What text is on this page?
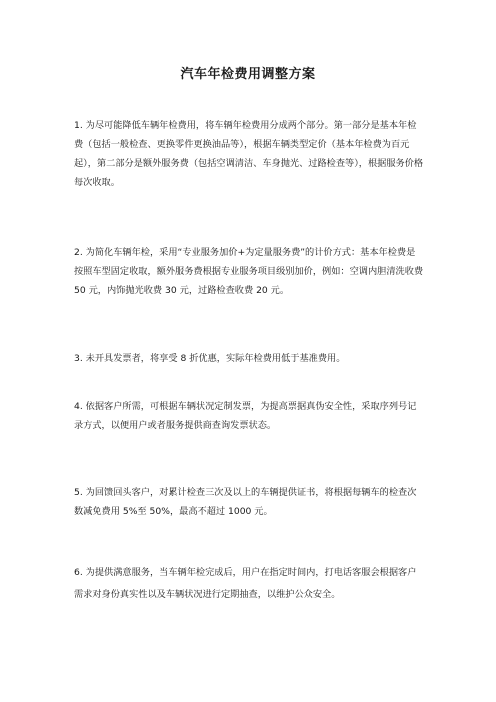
汽车年检费用调整方案

1. 为尽可能降低车辆年检费用，将车辆年检费用分成两个部分。第一部分是基本年检费（包括一般检查、更换零件更换油品等），根据车辆类型定价（基本年检费为百元起），第二部分是额外服务费（包括空调清洁、车身抛光、过路检查等），根据服务价格每次收取。

2. 为简化车辆年检，采用“专业服务加价+为定量服务费”的计价方式：基本年检费是按照车型固定收取，额外服务费根据专业服务项目级别加价，例如：空调内胆清洗收费 50 元，内饰抛光收费 30 元，过路检查收费 20 元。

3. 未开具发票者，将享受 8 折优惠，实际年检费用低于基准费用。

4. 依据客户所需，可根据车辆状况定制发票，为提高票据真伪安全性，采取序列号记录方式，以便用户或者服务提供商查询发票状态。

5. 为回馈回头客户，对累计检查三次及以上的车辆提供证书，将根据每辆车的检查次数减免费用 5%至 50%，最高不超过 1000 元。

6. 为提供满意服务，当车辆年检完成后，用户在指定时间内，打电话客服会根据客户需求对身份真实性以及车辆状况进行定期抽查，以维护公众安全。
